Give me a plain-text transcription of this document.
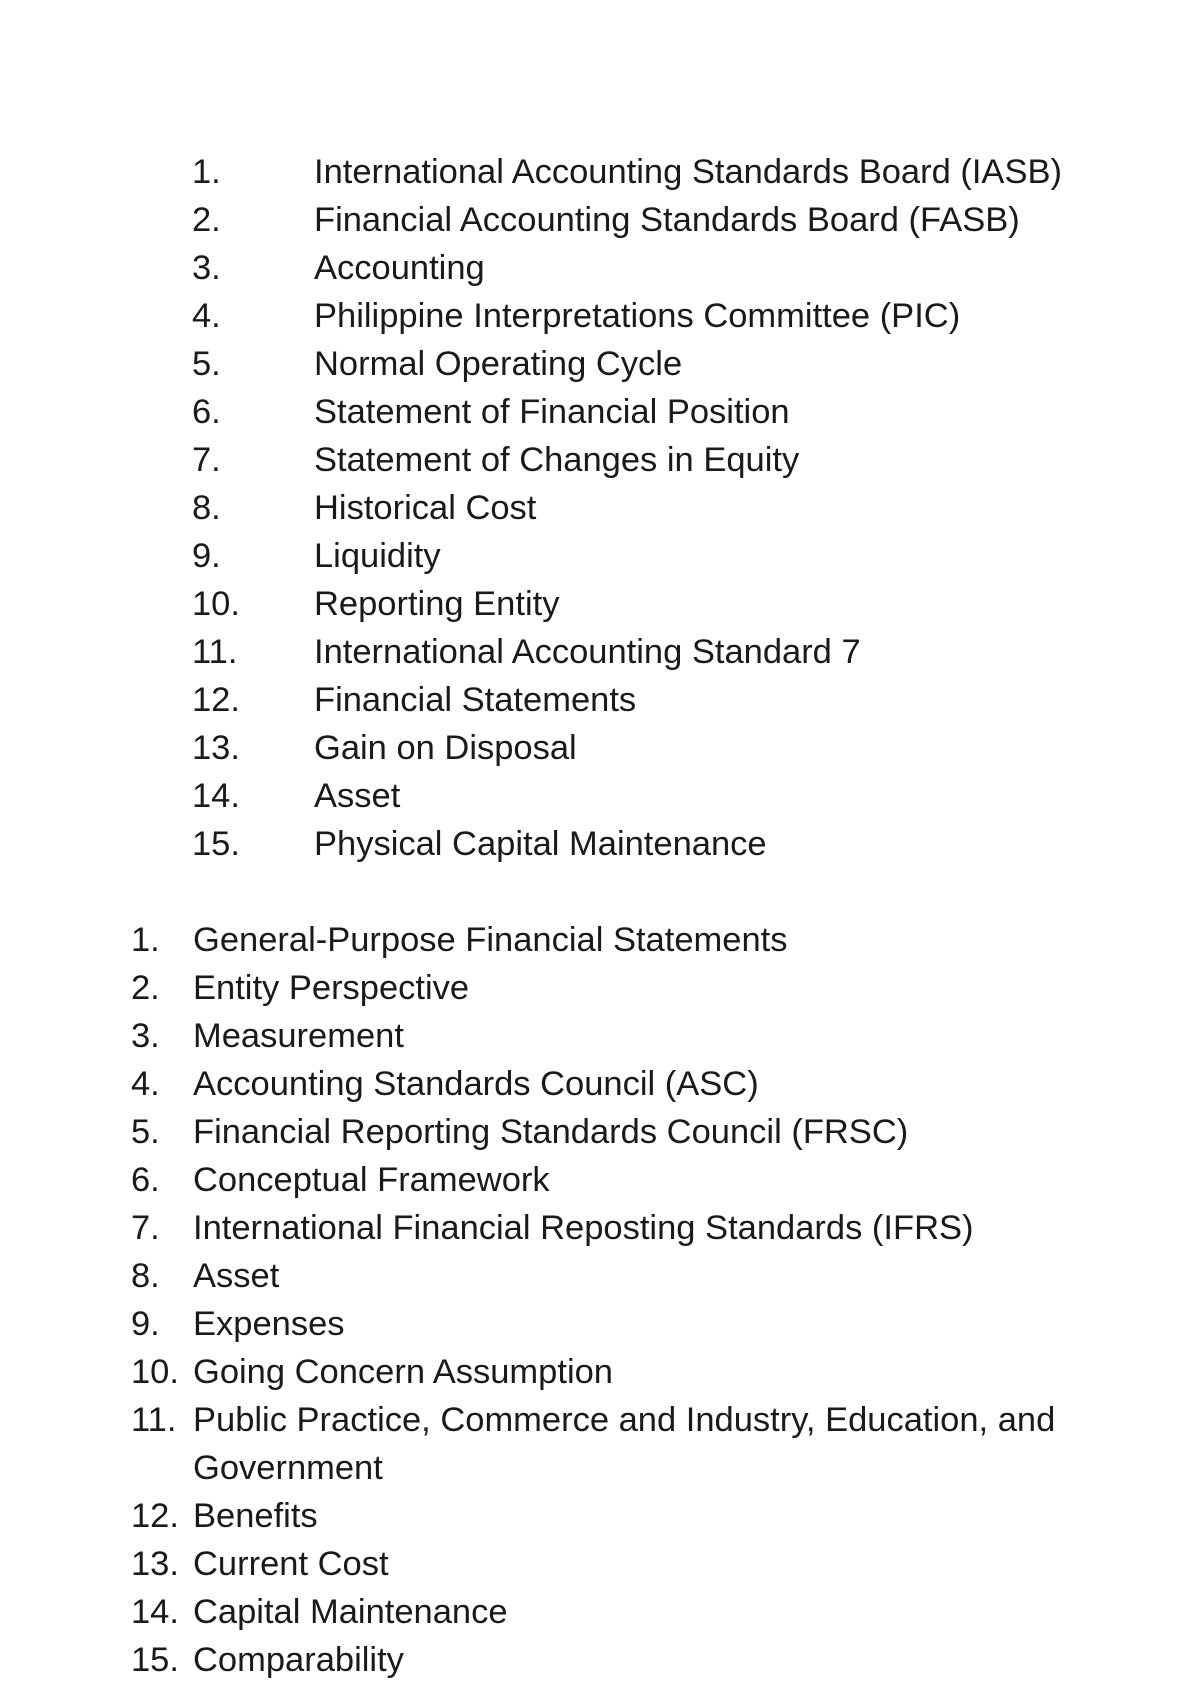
1.	International Accounting Standards Board (IASB)
2.	Financial Accounting Standards Board (FASB)
3.	Accounting
4.	Philippine Interpretations Committee (PIC)
5.	Normal Operating Cycle
6.	Statement of Financial Position
7.	Statement of Changes in Equity
8.	Historical Cost
9.	Liquidity
10.	Reporting Entity
11.	International Accounting Standard 7
12.	Financial Statements
13.	Gain on Disposal
14.	Asset
15.	Physical Capital Maintenance
1. General-Purpose Financial Statements
2. Entity Perspective
3. Measurement
4. Accounting Standards Council (ASC)
5. Financial Reporting Standards Council (FRSC)
6. Conceptual Framework
7. International Financial Reposting Standards (IFRS)
8. Asset
9. Expenses
10. Going Concern Assumption
11. Public Practice, Commerce and Industry, Education, and Government
12. Benefits
13. Current Cost
14. Capital Maintenance
15. Comparability
